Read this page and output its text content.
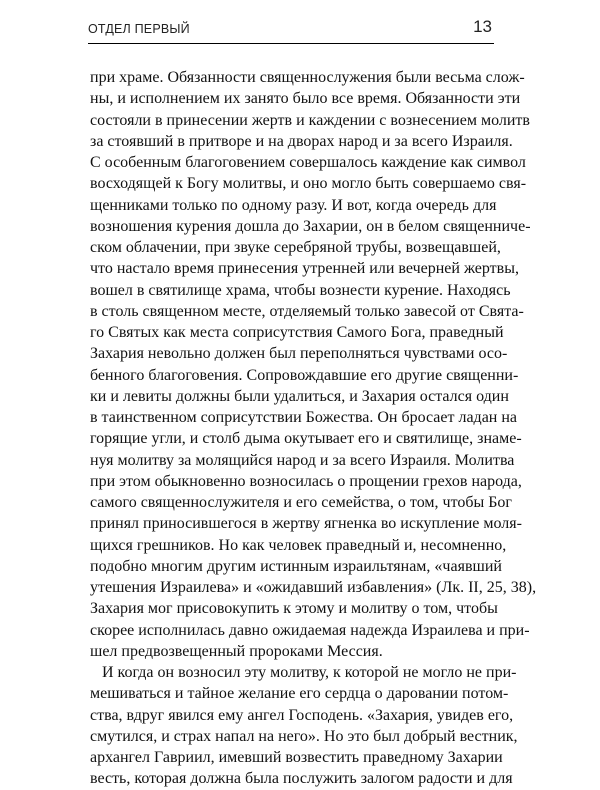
ОТДЕЛ ПЕРВЫЙ	13
при храме. Обязанности священнослужения были весьма слож-
ны, и исполнением их занято было все время. Обязанности эти
состояли в принесении жертв и каждении с вознесением молитв
за стоявший в притворе и на дворах народ и за всего Израиля.
С особенным благоговением совершалось каждение как символ
восходящей к Богу молитвы, и оно могло быть совершаемо свя-
щенниками только по одному разу. И вот, когда очередь для
вознoшения курения дошла до Захарии, он в белом священниче-
ском облачении, при звуке серебряной трубы, возвещавшей,
что настало время принесения утренней или вечерней жертвы,
вошел в святилище храма, чтобы вознести курение. Находясь
в столь священном месте, отделяемый только завесой от Свята-
го Святых как места соприсутствия Самого Бога, праведный
Захария невольно должен был переполняться чувствами осо-
бенного благоговения. Сопровождавшие его другие священни-
ки и левиты должны были удалиться, и Захария остался один
в таинственном соприсутствии Божества. Он бросает ладан на
горящие угли, и столб дыма окутывает его и святилище, знаме-
нуя молитву за молящийся народ и за всего Израиля. Молитва
при этом обыкновенно возносилась о прощении грехов народа,
самого священнослужителя и его семейства, о том, чтобы Бог
принял приносившегося в жертву ягненка во искупление моля-
щихся грешников. Но как человек праведный и, несомненно,
подобно многим другим истинным израильтянам, «чаявший
утешения Израилева» и «ожидавший избавления» (Лк. II, 25, 38),
Захария мог присовокупить к этому и молитву о том, чтобы
скорее исполнилась давно ожидаемая надежда Израилева и при-
шел предвозвещенный пророками Мессия.
И когда он возносил эту молитву, к которой не могло не при-
мешиваться и тайное желание его сердца о даровании потом-
ства, вдруг явился ему ангел Господень. «Захария, увидев его,
смутился, и страх напал на него». Но это был добрый вестник,
архангел Гавриил, имевший возвестить праведному Захарии
весть, которая должна была послужить залогом радости и для
